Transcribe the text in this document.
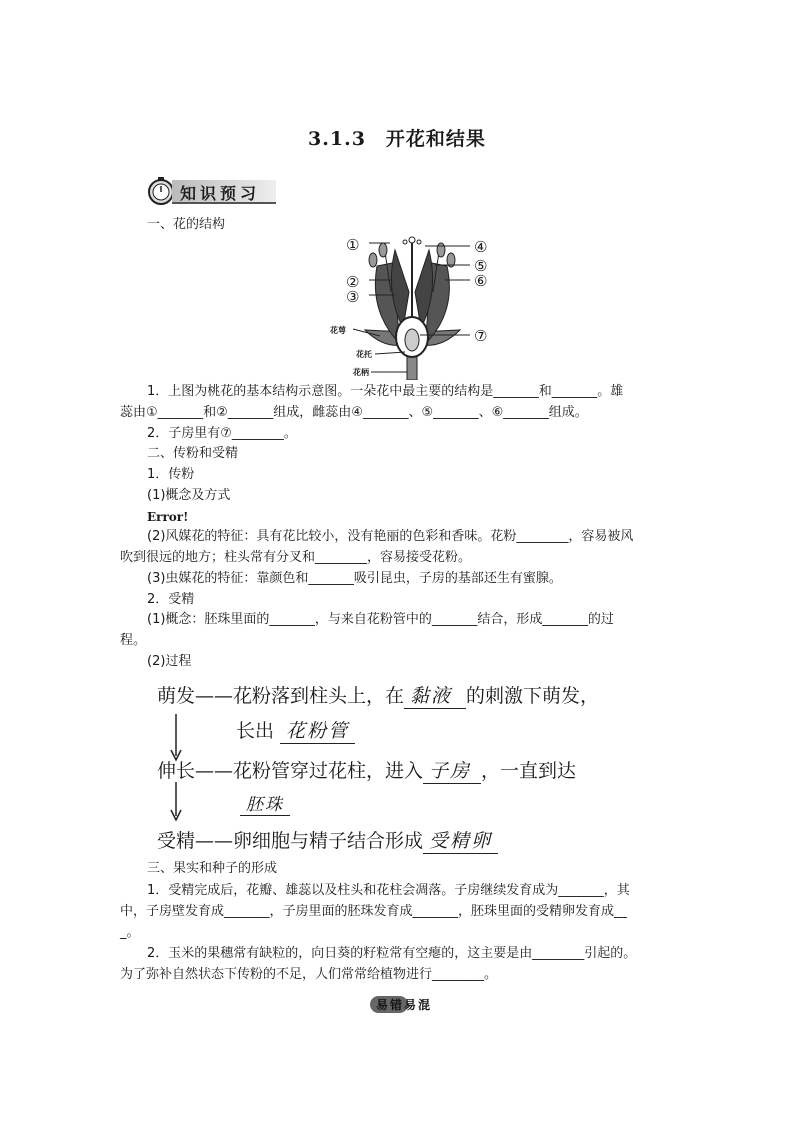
3.1.3　开花和结果
知识预习
一、花的结构
①
②
③
④
⑤
⑥
⑦
花萼
花托
花柄
1．上图为桃花的基本结构示意图。一朵花中最主要的结构是_______和_______。雄
蕊由①_______和②_______组成，雌蕊由④_______、⑤_______、⑥_______组成。
2．子房里有⑦________。
二、传粉和受精
1．传粉
(1)概念及方式
Error!
(2)风媒花的特征：具有花比较小，没有艳丽的色彩和香味。花粉________，容易被风
吹到很远的地方；柱头常有分叉和________，容易接受花粉。
(3)虫媒花的特征：靠颜色和_______吸引昆虫，子房的基部还生有蜜腺。
2．受精
(1)概念：胚珠里面的_______，与来自花粉管中的_______结合，形成_______的过
程。
(2)过程
萌发——花粉落到柱头上，在 黏液 的刺激下萌发，
长出 花粉管
伸长——花粉管穿过花柱，进入 子房 ，一直到达
胚珠
受精——卵细胞与精子结合形成 受精卵
三、果实和种子的形成
1．受精完成后，花瓣、雄蕊以及柱头和花柱会凋落。子房继续发育成为_______，其
中，子房壁发育成_______，子房里面的胚珠发育成_______，胚珠里面的受精卵发育成__
_。
2．玉米的果穗常有缺粒的，向日葵的籽粒常有空瘪的，这主要是由________引起的。
为了弥补自然状态下传粉的不足，人们常常给植物进行________。
易错易混
